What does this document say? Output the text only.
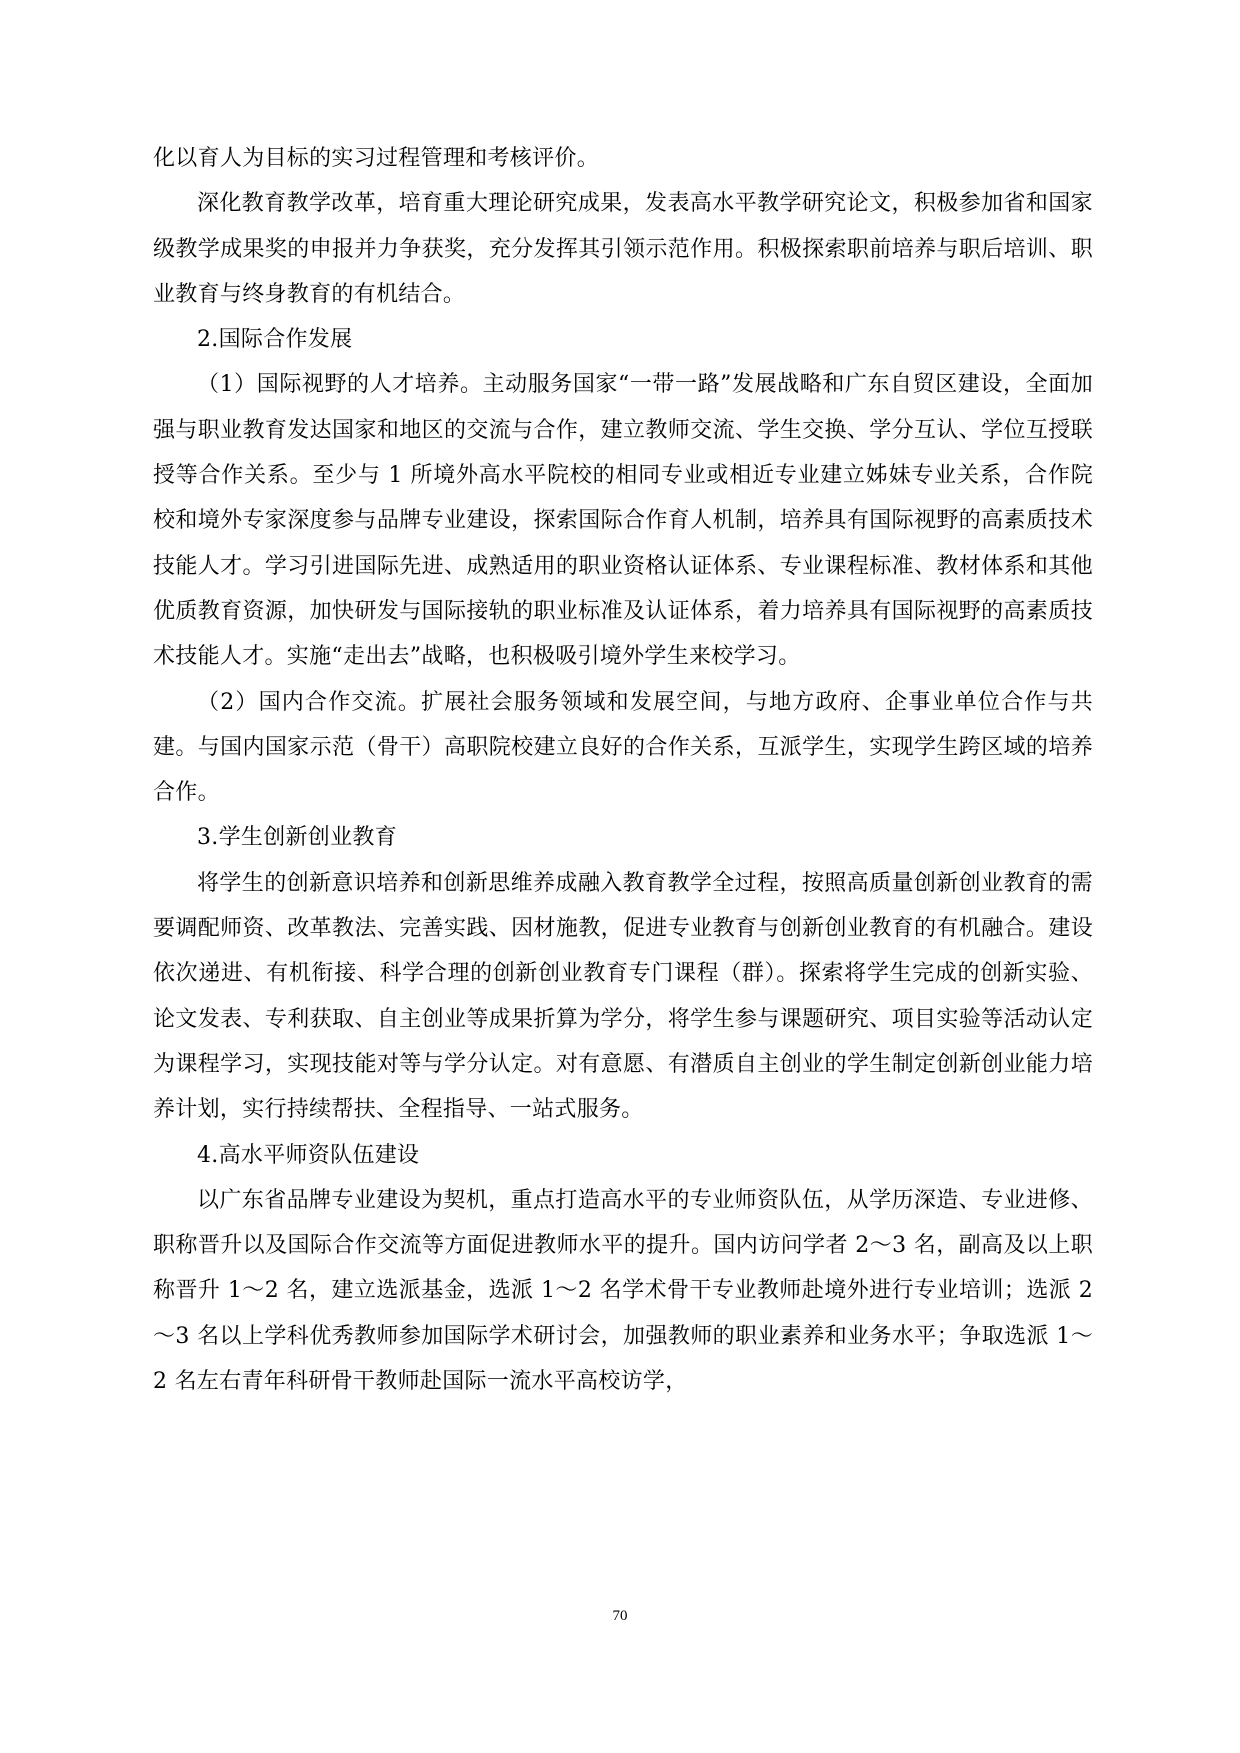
化以育人为目标的实习过程管理和考核评价。

深化教育教学改革，培育重大理论研究成果，发表高水平教学研究论文，积极参加省和国家级教学成果奖的申报并力争获奖，充分发挥其引领示范作用。积极探索职前培养与职后培训、职业教育与终身教育的有机结合。

2.国际合作发展

（1）国际视野的人才培养。主动服务国家“一带一路”发展战略和广东自贸区建设，全面加强与职业教育发达国家和地区的交流与合作，建立教师交流、学生交换、学分互认、学位互授联授等合作关系。至少与 1 所境外高水平院校的相同专业或相近专业建立姊妹专业关系，合作院校和境外专家深度参与品牌专业建设，探索国际合作育人机制，培养具有国际视野的高素质技术技能人才。学习引进国际先进、成熟适用的职业资格认证体系、专业课程标准、教材体系和其他优质教育资源，加快研发与国际接轨的职业标准及认证体系，着力培养具有国际视野的高素质技术技能人才。实施“走出去”战略，也积极吸引境外学生来校学习。

（2）国内合作交流。扩展社会服务领域和发展空间，与地方政府、企事业单位合作与共建。与国内国家示范（骨干）高职院校建立良好的合作关系，互派学生，实现学生跨区域的培养合作。

3.学生创新创业教育

将学生的创新意识培养和创新思维养成融入教育教学全过程，按照高质量创新创业教育的需要调配师资、改革教法、完善实践、因材施教，促进专业教育与创新创业教育的有机融合。建设依次递进、有机衔接、科学合理的创新创业教育专门课程（群）。探索将学生完成的创新实验、论文发表、专利获取、自主创业等成果折算为学分，将学生参与课题研究、项目实验等活动认定为课程学习，实现技能对等与学分认定。对有意愿、有潜质自主创业的学生制定创新创业能力培养计划，实行持续帮扶、全程指导、一站式服务。

4.高水平师资队伍建设

以广东省品牌专业建设为契机，重点打造高水平的专业师资队伍，从学历深造、专业进修、职称晋升以及国际合作交流等方面促进教师水平的提升。国内访问学者 2～3 名，副高及以上职称晋升 1～2 名，建立选派基金，选派 1～2 名学术骨干专业教师赴境外进行专业培训；选派 2～3 名以上学科优秀教师参加国际学术研讨会，加强教师的职业素养和业务水平；争取选派 1～2 名左右青年科研骨干教师赴国际一流水平高校访学，

70
